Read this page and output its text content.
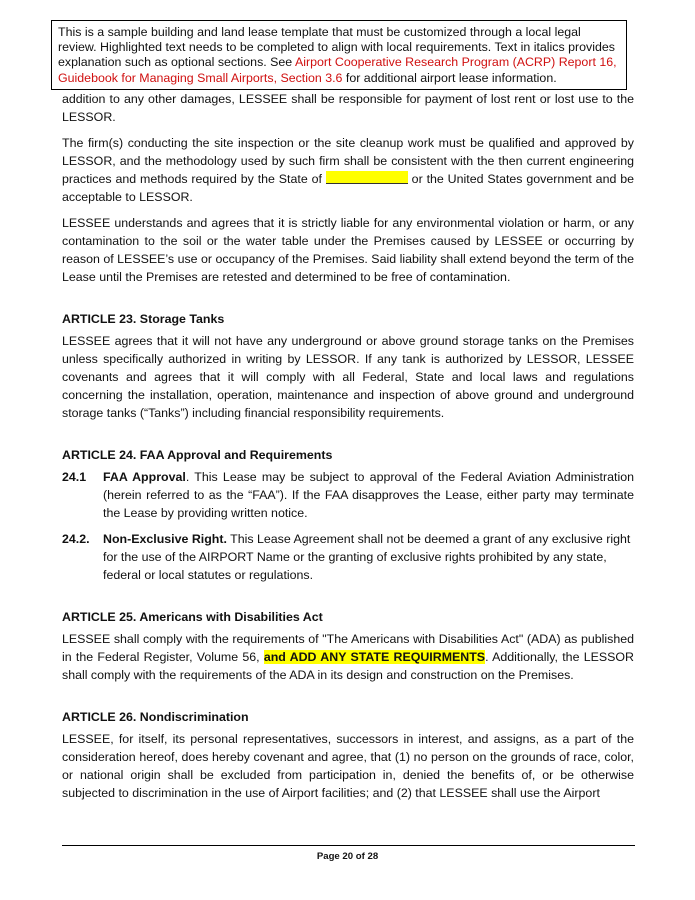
This is a sample building and land lease template that must be customized through a local legal review. Highlighted text needs to be completed to align with local requirements. Text in italics provides explanation such as optional sections. See Airport Cooperative Research Program (ACRP) Report 16, Guidebook for Managing Small Airports, Section 3.6 for additional airport lease information.

addition to any other damages, LESSEE shall be responsible for payment of lost rent or lost use to the LESSOR.

The firm(s) conducting the site inspection or the site cleanup work must be qualified and approved by LESSOR, and the methodology used by such firm shall be consistent with the then current engineering practices and methods required by the State of	or the United States government and be acceptable to LESSOR.

LESSEE understands and agrees that it is strictly liable for any environmental violation or harm, or any contamination to the soil or the water table under the Premises caused by LESSEE or occurring by reason of LESSEE’s use or occupancy of the Premises. Said liability shall extend beyond the term of the Lease until the Premises are retested and determined to be free of contamination.

ARTICLE 23. Storage Tanks

LESSEE agrees that it will not have any underground or above ground storage tanks on the Premises unless specifically authorized in writing by LESSOR. If any tank is authorized by LESSOR, LESSEE covenants and agrees that it will comply with all Federal, State and local laws and regulations concerning the installation, operation, maintenance and inspection of above ground and underground storage tanks (“Tanks”) including financial responsibility requirements.

ARTICLE 24. FAA Approval and Requirements
24.1	FAA Approval. This Lease may be subject to approval of the Federal Aviation Administration (herein referred to as the “FAA”). If the FAA disapproves the Lease, either party may terminate the Lease by providing written notice.
24.2.	Non-Exclusive Right. This Lease Agreement shall not be deemed a grant of any exclusive right for the use of the AIRPORT Name or the granting of exclusive rights prohibited by any state, federal or local statutes or regulations.
ARTICLE 25. Americans with Disabilities Act

LESSEE shall comply with the requirements of "The Americans with Disabilities Act" (ADA) as published in the Federal Register, Volume 56, and ADD ANY STATE REQUIRMENTS. Additionally, the LESSOR shall comply with the requirements of the ADA in its design and construction on the Premises.

ARTICLE 26. Nondiscrimination

LESSEE, for itself, its personal representatives, successors in interest, and assigns, as a part of the consideration hereof, does hereby covenant and agree, that (1) no person on the grounds of race, color, or national origin shall be excluded from participation in, denied the benefits of, or be otherwise subjected to discrimination in the use of Airport facilities; and (2) that LESSEE shall use the Airport

Page 20 of 28
